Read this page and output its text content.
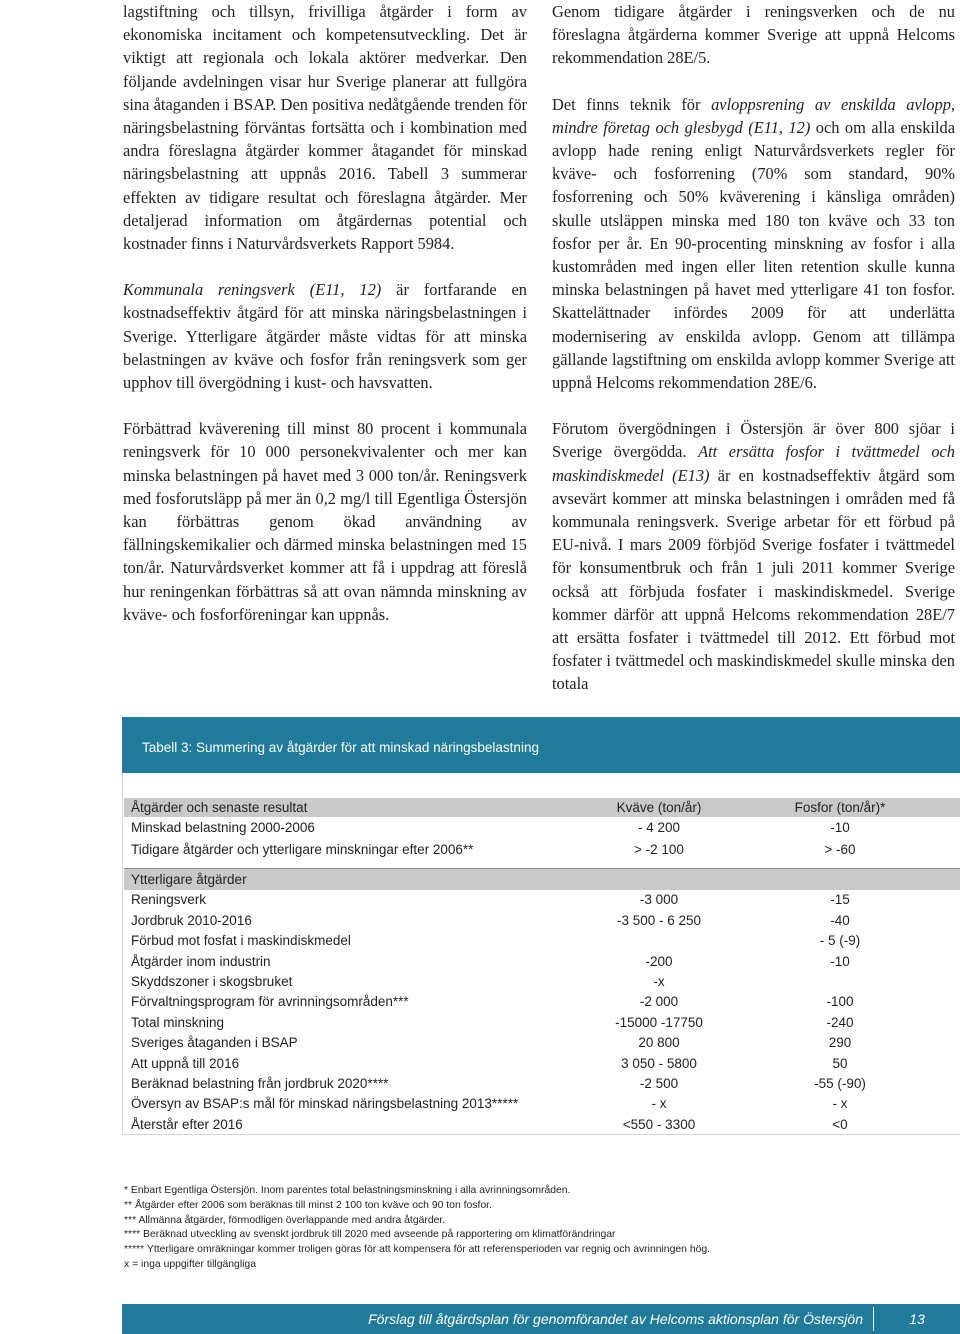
lagstiftning och tillsyn, frivilliga åtgärder i form av ekonomiska incitament och kompetensutveckling. Det är viktigt att regionala och lokala aktörer medverkar. Den följande avdelningen visar hur Sverige planerar att fullgöra sina åtaganden i BSAP. Den positiva nedåtgående trenden för näringsbelastning förväntas fortsätta och i kombination med andra föreslagna åtgärder kommer åtagandet för minskad näringsbelastning att uppnås 2016. Tabell 3 summerar effekten av tidigare resultat och föreslagna åtgärder. Mer detaljerad information om åtgärdernas potential och kostnader finns i Naturvårdsverkets Rapport 5984.

Kommunala reningsverk (E11, 12) är fortfarande en kostnadseffektiv åtgärd för att minska näringsbelastningen i Sverige. Ytterligare åtgärder måste vidtas för att minska belastningen av kväve och fosfor från reningsverk som ger upphov till övergödning i kust- och havsvatten.

Förbättrad kväverening till minst 80 procent i kommunala reningsverk för 10 000 personekvivalenter och mer kan minska belastningen på havet med 3 000 ton/år. Reningsverk med fosforutsläpp på mer än 0,2 mg/l till Egentliga Östersjön kan förbättras genom ökad användning av fällningskemikalier och därmed minska belastningen med 15 ton/år. Naturvårdsverket kommer att få i uppdrag att föreslå hur reningenkan förbättras så att ovan nämnda minskning av kväve- och fosforföreningar kan uppnås.

Genom tidigare åtgärder i reningsverken och de nu föreslagna åtgärderna kommer Sverige att uppnå Helcoms rekommendation 28E/5.

Det finns teknik för avloppsrening av enskilda avlopp, mindre företag och glesbygd (E11, 12) och om alla enskilda avlopp hade rening enligt Naturvårdsverkets regler för kväve- och fosforrening (70% som standard, 90% fosforrening och 50% kväverening i känsliga områden) skulle utsläppen minska med 180 ton kväve och 33 ton fosfor per år. En 90-procenting minskning av fosfor i alla kustområden med ingen eller liten retention skulle kunna minska belastningen på havet med ytterligare 41 ton fosfor. Skattelättnader infördes 2009 för att underlätta modernisering av enskilda avlopp. Genom att tillämpa gällande lagstiftning om enskilda avlopp kommer Sverige att uppnå Helcoms rekommendation 28E/6.

Förutom övergödningen i Östersjön är över 800 sjöar i Sverige övergödda. Att ersätta fosfor i tvättmedel och maskindiskmedel (E13) är en kostnadseffektiv åtgärd som avsevärt kommer att minska belastningen i områden med få kommunala reningsverk. Sverige arbetar för ett förbud på EU-nivå. I mars 2009 förbjöd Sverige fosfater i tvättmedel för konsumentbruk och från 1 juli 2011 kommer Sverige också att förbjuda fosfater i maskindiskmedel. Sverige kommer därför att uppnå Helcoms rekommendation 28E/7 att ersätta fosfater i tvättmedel till 2012. Ett förbud mot fosfater i tvättmedel och maskindiskmedel skulle minska den totala

Tabell 3: Summering av åtgärder för att minskad näringsbelastning
Åtgärder och senaste resultat	Kväve (ton/år)	Fosfor (ton/år)*
Minskad belastning 2000-2006	- 4 200	-10
Tidigare åtgärder och ytterligare minskningar efter 2006**	> -2 100	> -60

Ytterligare åtgärder		
Reningsverk	-3 000	-15
Jordbruk 2010-2016	-3 500 - 6 250	-40
Förbud mot fosfat i maskindiskmedel		- 5 (-9)
Åtgärder inom industrin	-200	-10
Skyddszoner i skogsbruket	-x	
Förvaltningsprogram för avrinningsområden***	-2 000	-100
Total minskning	-15000 -17750	-240
Sveriges åtaganden i BSAP	20 800	290
Att uppnå till 2016	3 050 - 5800	50
Beräknad belastning från jordbruk 2020****	-2 500	-55 (-90)
Översyn av BSAP:s mål för minskad näringsbelastning 2013*****	- x	- x
Återstår efter 2016	<550 - 3300	<0
* Enbart Egentliga Östersjön. Inom parentes total belastningsminskning i alla avrinningsområden.
** Åtgärder efter 2006 som beräknas till minst 2 100 ton kväve och 90 ton fosfor.
*** Allmänna åtgärder, förmodligen överlappande med andra åtgärder.
**** Beräknad utveckling av svenskt jordbruk till 2020 med avseende på rapportering om klimatförändringar
***** Ytterligare omräkningar kommer troligen göras för att kompensera för att referensperioden var regnig och avrinningen hög.
x = inga uppgifter tillgängliga
Förslag till åtgärdsplan för genomförandet av Helcoms aktionsplan för Östersjön	13
